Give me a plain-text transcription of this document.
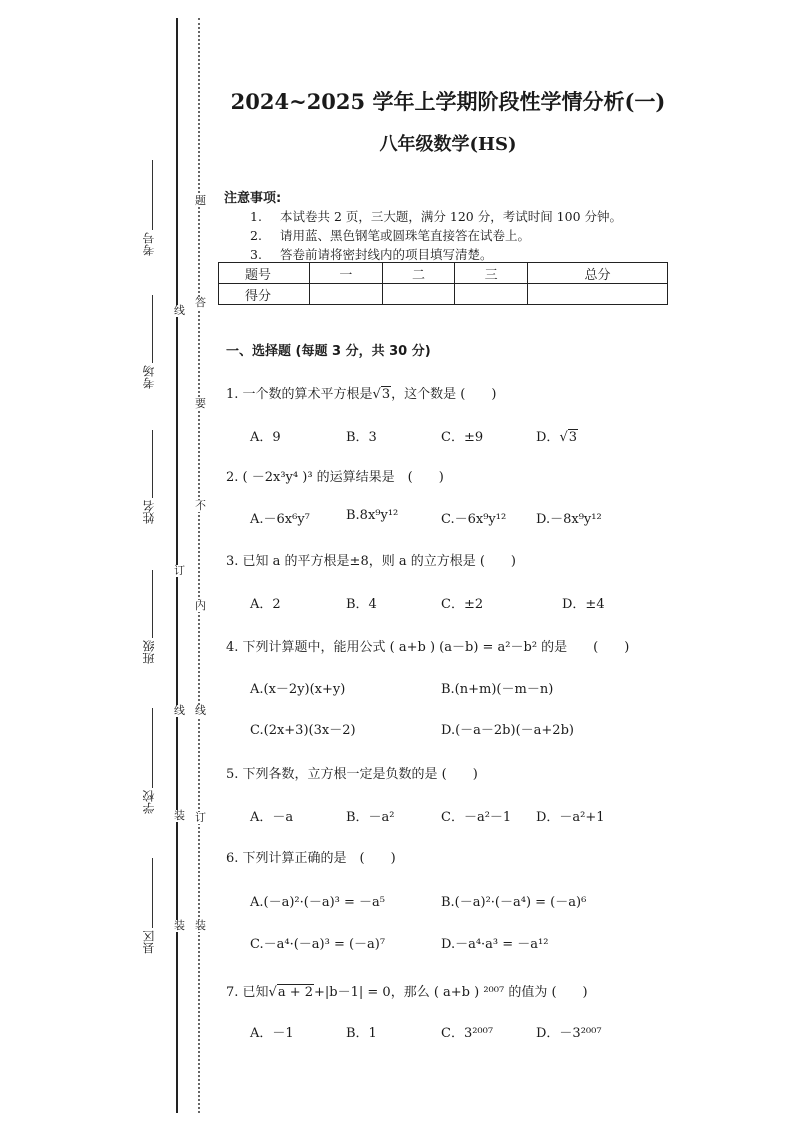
考号
考场
姓名
班级
学校
县区
线
订
线
装
装
题
答
要
不
内
线
订
装
2024~2025 学年上学期阶段性学情分析(一)
八年级数学(HS)
注意事项:
1. 本试卷共 2 页，三大题，满分 120 分，考试时间 100 分钟。
2. 请用蓝、黑色钢笔或圆珠笔直接答在试卷上。
3. 答卷前请将密封线内的项目填写清楚。
题号	一	二	三	总分
得分				
一、选择题 (每题 3 分，共 30 分)
1. 一个数的算术平方根是√3，这个数是 (　　)
A．9	B．3	C．±9	D．√3
2. ( －2x³y⁴ )³ 的运算结果是　(　　)
A.－6x⁶y⁷	B.8x⁹y¹²	C.－6x⁹y¹² D.－8x⁹y¹²
3. 已知 a 的平方根是±8，则 a 的立方根是 (　　)
A．2	B．4	C．±2	D．±4
4. 下列计算题中，能用公式 ( a+b ) (a－b) = a²－b² 的是　　(　　)
A.(x－2y)(x+y)	B.(n+m)(－m－n)
C.(2x+3)(3x－2)	D.(－a－2b)(－a+2b)
5. 下列各数，立方根一定是负数的是 (　　)
A．－a	B．－a²	C．－a²－1 D．－a²+1
6. 下列计算正确的是　(　　)
A.(－a)²·(－a)³ = －a⁵	B.(－a)²·(－a⁴) = (－a)⁶
C.－a⁴·(－a)³ = (－a)⁷	D.－a⁴·a³ = －a¹²
7. 已知√a + 2+|b－1| = 0，那么 ( a+b ) ²⁰⁰⁷ 的值为 (　　)
A．－1	B．1	C．3²⁰⁰⁷	D．－3²⁰⁰⁷
